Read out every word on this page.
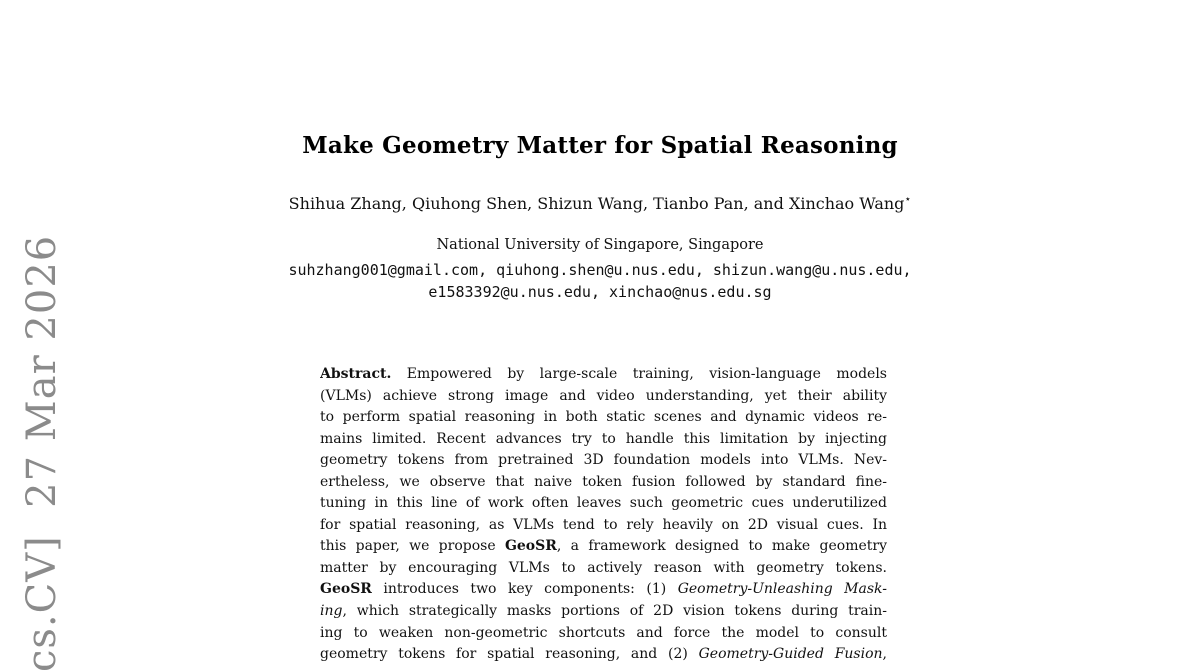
cs.CV]  27 Mar 2026
Make Geometry Matter for Spatial Reasoning
Shihua Zhang, Qiuhong Shen, Shizun Wang, Tianbo Pan, and Xinchao Wang⋆
National University of Singapore, Singapore
suhzhang001@gmail.com, qiuhong.shen@u.nus.edu, shizun.wang@u.nus.edu,
e1583392@u.nus.edu, xinchao@nus.edu.sg
Abstract. Empowered by large-scale training, vision-language models
(VLMs) achieve strong image and video understanding, yet their ability
to perform spatial reasoning in both static scenes and dynamic videos re-
mains limited. Recent advances try to handle this limitation by injecting
geometry tokens from pretrained 3D foundation models into VLMs. Nev-
ertheless, we observe that naive token fusion followed by standard fine-
tuning in this line of work often leaves such geometric cues underutilized
for spatial reasoning, as VLMs tend to rely heavily on 2D visual cues. In
this paper, we propose GeoSR, a framework designed to make geometry
matter by encouraging VLMs to actively reason with geometry tokens.
GeoSR introduces two key components: (1) Geometry-Unleashing Mask-
ing, which strategically masks portions of 2D vision tokens during train-
ing to weaken non-geometric shortcuts and force the model to consult
geometry tokens for spatial reasoning, and (2) Geometry-Guided Fusion,
